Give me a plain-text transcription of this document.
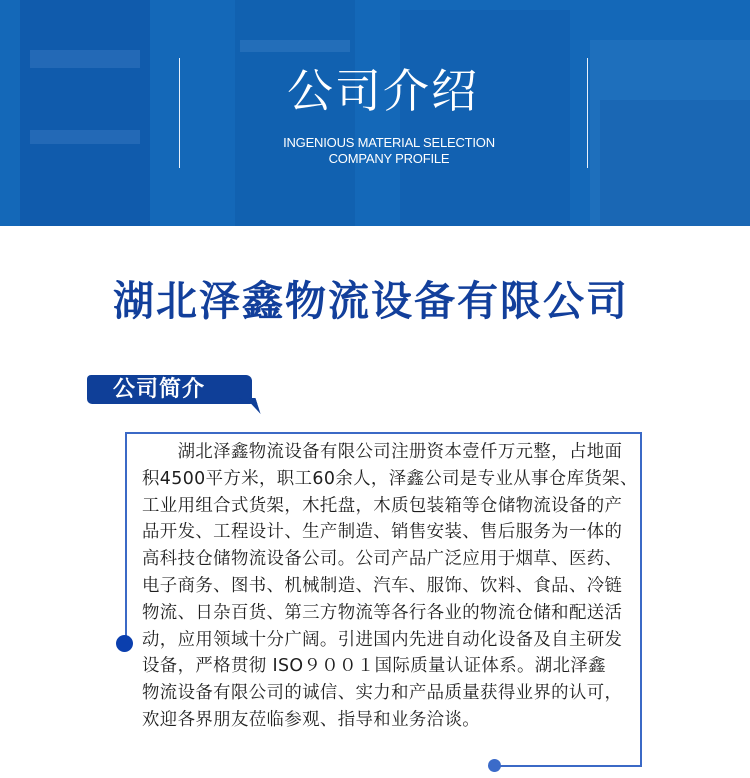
公司介绍
INGENIOUS MATERIAL SELECTION
COMPANY PROFILE
湖北泽鑫物流设备有限公司
公司简介
　　湖北泽鑫物流设备有限公司注册资本壹仟万元整，占地面
积4500平方米，职工60余人，泽鑫公司是专业从事仓库货架、
工业用组合式货架，木托盘，木质包装箱等仓储物流设备的产
品开发、工程设计、生产制造、销售安装、售后服务为一体的
高科技仓储物流设备公司。公司产品广泛应用于烟草、医药、
电子商务、图书、机械制造、汽车、服饰、饮料、食品、冷链
物流、日杂百货、第三方物流等各行各业的物流仓储和配送活
动，应用领域十分广阔。引进国内先进自动化设备及自主研发
设备，严格贯彻 ISO９００１国际质量认证体系。湖北泽鑫
物流设备有限公司的诚信、实力和产品质量获得业界的认可，
欢迎各界朋友莅临参观、指导和业务洽谈。
